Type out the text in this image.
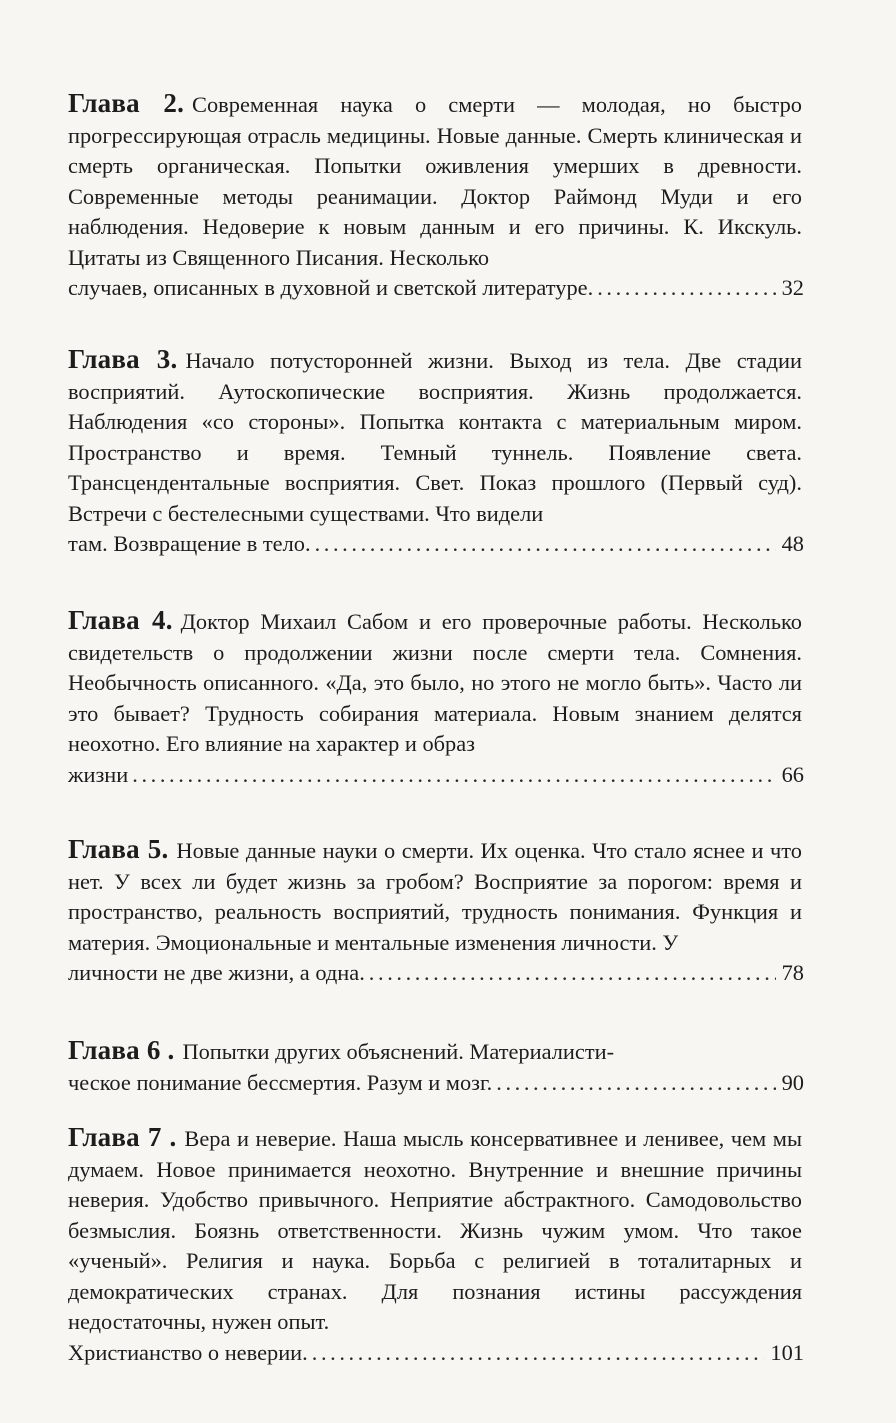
Глава 2. Современная наука о смерти — молодая, но быстро прогрессирующая отрасль медицины. Новые данные. Смерть клиническая и смерть органическая. Попытки оживления умерших в древности. Современные методы реанимации. Доктор Раймонд Муди и его наблюдения. Недоверие к новым данным и его причины. К. Икскуль. Цитаты из Священного Писания. Несколько
случаев, описанных в духовной и светской литературе. . . .	32
Глава 3. Начало потусторонней жизни. Выход из тела. Две стадии восприятий. Аутоскопические восприятия. Жизнь продолжается. Наблюдения «со стороны». Попытка контакта с материальным миром. Пространство и время. Темный туннель. Появление света. Трансцендентальные восприятия. Свет. Показ прошлого (Первый суд). Встречи с бестелесными существами. Что видели
там. Возвращение в тело. . . .	48
Глава 4. Доктор Михаил Сабом и его проверочные работы. Несколько свидетельств о продолжении жизни после смерти тела. Сомнения. Необычность описанного. «Да, это было, но этого не могло быть». Часто ли это бывает? Трудность собирания материала. Новым знанием делятся неохотно. Его влияние на характер и образ
жизни . . .	66
Глава 5. Новые данные науки о смерти. Их оценка. Что стало яснее и что нет. У всех ли будет жизнь за гробом? Восприятие за порогом: время и пространство, реальность восприятий, трудность понимания. Функция и материя. Эмоциональные и ментальные изменения личности. У
личности не две жизни, а одна. . . .	78
Глава 6 . Попытки других объяснений. Материалисти-
ческое понимание бессмертия. Разум и мозг. . . .	90
Глава 7 . Вера и неверие. Наша мысль консервативнее и ленивее, чем мы думаем. Новое принимается неохотно. Внутренние и внешние причины неверия. Удобство привычного. Неприятие абстрактного. Самодовольство безмыслия. Боязнь ответственности. Жизнь чужим умом. Что такое «ученый». Религия и наука. Борьба с религией в тоталитарных и демократических странах. Для познания истины рассуждения недостаточны, нужен опыт.
Христианство о неверии. . . .	101
